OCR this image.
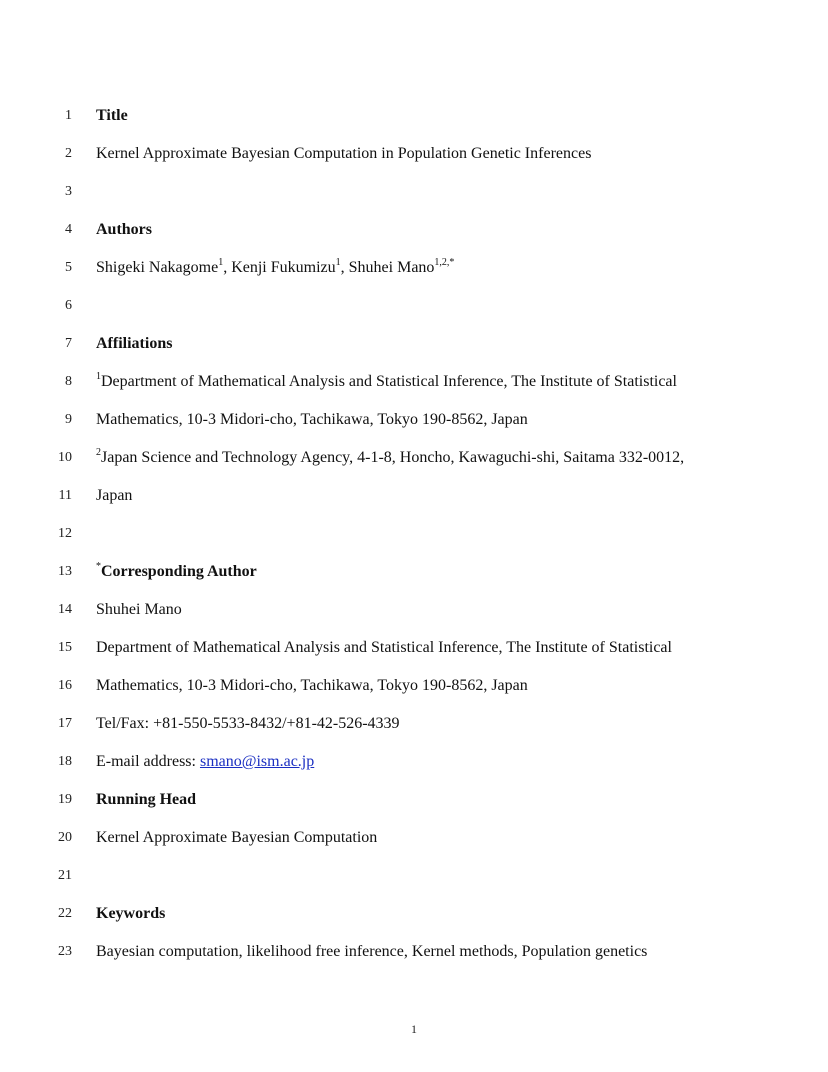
1 Title
2 Kernel Approximate Bayesian Computation in Population Genetic Inferences
3
4 Authors
5 Shigeki Nakagome$^1$, Kenji Fukumizu$^1$, Shuhei Mano$^{1,2,*}$
6
7 Affiliations
8 $^1$Department of Mathematical Analysis and Statistical Inference, The Institute of Statistical
9 Mathematics, 10-3 Midori-cho, Tachikawa, Tokyo 190-8562, Japan
10 $^2$Japan Science and Technology Agency, 4-1-8, Honcho, Kawaguchi-shi, Saitama 332-0012,
11 Japan
12
13 *Corresponding Author
14 Shuhei Mano
15 Department of Mathematical Analysis and Statistical Inference, The Institute of Statistical
16 Mathematics, 10-3 Midori-cho, Tachikawa, Tokyo 190-8562, Japan
17 Tel/Fax: +81-550-5533-8432/+81-42-526-4339
18 E-mail address: smano@ism.ac.jp
19 Running Head
20 Kernel Approximate Bayesian Computation
21
22 Keywords
23 Bayesian computation, likelihood free inference, Kernel methods, Population genetics
1
